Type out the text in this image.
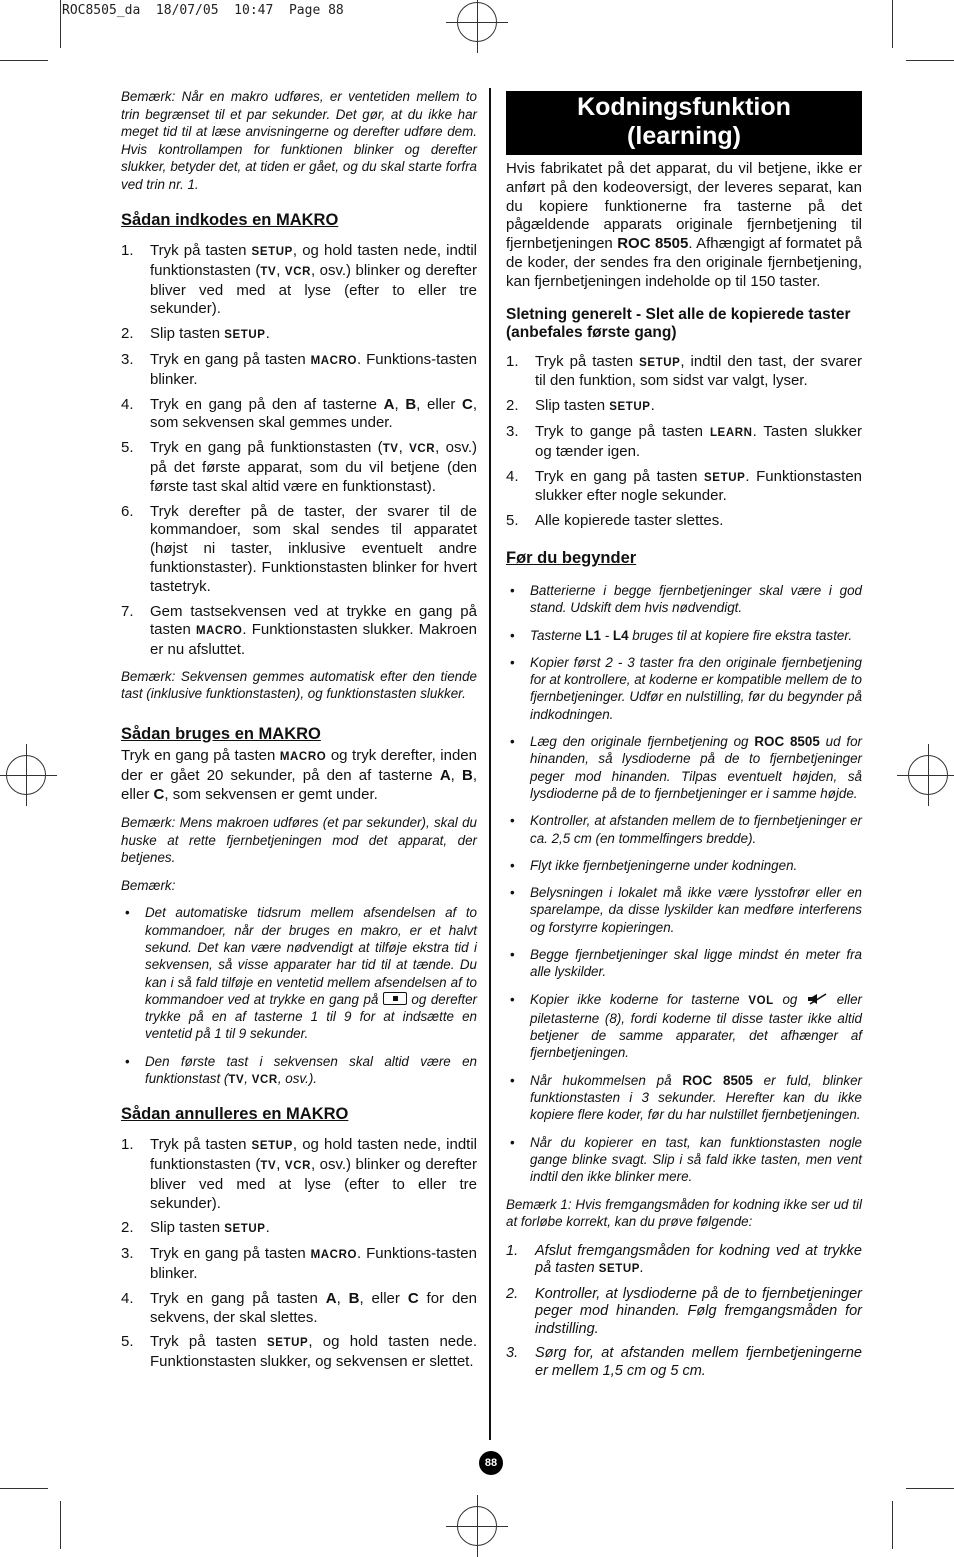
ROC8505_da  18/07/05  10:47  Page 88

Bemærk: Når en makro udføres, er ventetiden mellem to trin begrænset til et par sekunder. Det gør, at du ikke har meget tid til at læse anvisningerne og derefter udføre dem. Hvis kontrollampen for funktionen blinker og derefter slukker, betyder det, at tiden er gået, og du skal starte forfra ved trin nr. 1.

Sådan indkodes en MAKRO
1.	Tryk på tasten SETUP, og hold tasten nede, indtil funktionstasten (TV, VCR, osv.) blinker og derefter bliver ved med at lyse (efter to eller tre sekunder).
2.	Slip tasten SETUP.
3.	Tryk en gang på tasten MACRO. Funktions-tasten blinker.
4.	Tryk en gang på den af tasterne A, B, eller C, som sekvensen skal gemmes under.
5.	Tryk en gang på funktionstasten (TV, VCR, osv.) på det første apparat, som du vil betjene (den første tast skal altid være en funktionstast).
6.	Tryk derefter på de taster, der svarer til de kommandoer, som skal sendes til apparatet (højst ni taster, inklusive eventuelt andre funktionstaster). Funktionstasten blinker for hvert tastetryk.
7.	Gem tastsekvensen ved at trykke en gang på tasten MACRO. Funktionstasten slukker. Makroen er nu afsluttet.

Bemærk: Sekvensen gemmes automatisk efter den tiende tast (inklusive funktionstasten), og funktionstasten slukker.

Sådan bruges en MAKRO

Tryk en gang på tasten MACRO og tryk derefter, inden der er gået 20 sekunder, på den af tasterne A, B, eller C, som sekvensen er gemt under.

Bemærk: Mens makroen udføres (et par sekunder), skal du huske at rette fjernbetjeningen mod det apparat, der betjenes.

Bemærk:

•	Det automatiske tidsrum mellem afsendelsen af to kommandoer, når der bruges en makro, er et halvt sekund. Det kan være nødvendigt at tilføje ekstra tid i sekvensen, så visse apparater har tid til at tænde. Du kan i så fald tilføje en ventetid mellem afsendelsen af to kommandoer ved at trykke en gang på  og derefter trykke på en af tasterne 1 til 9 for at indsætte en ventetid på 1 til 9 sekunder.
•	Den første tast i sekvensen skal altid være en funktionstast (TV, VCR, osv.).
Sådan annulleres en MAKRO
1.	Tryk på tasten SETUP, og hold tasten nede, indtil funktionstasten (TV, VCR, osv.) blinker og derefter bliver ved med at lyse (efter to eller tre sekunder).
2.	Slip tasten SETUP.
3.	Tryk en gang på tasten MACRO. Funktions-tasten blinker.
4.	Tryk en gang på tasten A, B, eller C for den sekvens, der skal slettes.
5.	Tryk på tasten SETUP, og hold tasten nede. Funktionstasten slukker, og sekvensen er slettet.
Kodningsfunktion
(learning)

Hvis fabrikatet på det apparat, du vil betjene, ikke er anført på den kodeoversigt, der leveres separat, kan du kopiere funktionerne fra tasterne på det pågældende apparats originale fjernbetjening til fjernbetjeningen ROC 8505. Afhængigt af formatet på de koder, der sendes fra den originale fjernbetjening, kan fjernbetjeningen indeholde op til 150 taster.

Sletning generelt - Slet alle de kopierede taster (anbefales første gang)
1.	Tryk på tasten SETUP, indtil den tast, der svarer til den funktion, som sidst var valgt, lyser.
2.	Slip tasten SETUP.
3.	Tryk to gange på tasten LEARN. Tasten slukker og tænder igen.
4.	Tryk en gang på tasten SETUP. Funktionstasten slukker efter nogle sekunder.
5.	Alle kopierede taster slettes.
Før du begynder
•	Batterierne i begge fjernbetjeninger skal være i god stand. Udskift dem hvis nødvendigt.
•	Tasterne L1 - L4 bruges til at kopiere fire ekstra taster.
•	Kopier først 2 - 3 taster fra den originale fjernbetjening for at kontrollere, at koderne er kompatible mellem de to fjernbetjeninger. Udfør en nulstilling, før du begynder på indkodningen.
•	Læg den originale fjernbetjening og ROC 8505 ud for hinanden, så lysdioderne på de to fjernbetjeninger peger mod hinanden. Tilpas eventuelt højden, så lysdioderne på de to fjernbetjeninger er i samme højde.
•	Kontroller, at afstanden mellem de to fjernbetjeninger er ca. 2,5 cm (en tommelfingers bredde).
•	Flyt ikke fjernbetjeningerne under kodningen.
•	Belysningen i lokalet må ikke være lysstofrør eller en sparelampe, da disse lyskilder kan medføre interferens og forstyrre kopieringen.
•	Begge fjernbetjeninger skal ligge mindst én meter fra alle lyskilder.
•	Kopier ikke koderne for tasterne VOL og  eller piletasterne (8), fordi koderne til disse taster ikke altid betjener de samme apparater, det afhænger af fjernbetjeningen.
•	Når hukommelsen på ROC 8505 er fuld, blinker funktionstasten i 3 sekunder. Herefter kan du ikke kopiere flere koder, før du har nulstillet fjernbetjeningen.
•	Når du kopierer en tast, kan funktionstasten nogle gange blinke svagt. Slip i så fald ikke tasten, men vent indtil den ikke blinker mere.

Bemærk 1: Hvis fremgangsmåden for kodning ikke ser ud til at forløbe korrekt, kan du prøve følgende:

1.	Afslut fremgangsmåden for kodning ved at trykke på tasten SETUP.
2.	Kontroller, at lysdioderne på de to fjernbetjeninger peger mod hinanden. Følg fremgangsmåden for indstilling.
3.	Sørg for, at afstanden mellem fjernbetjeningerne er mellem 1,5 cm og 5 cm.
88
